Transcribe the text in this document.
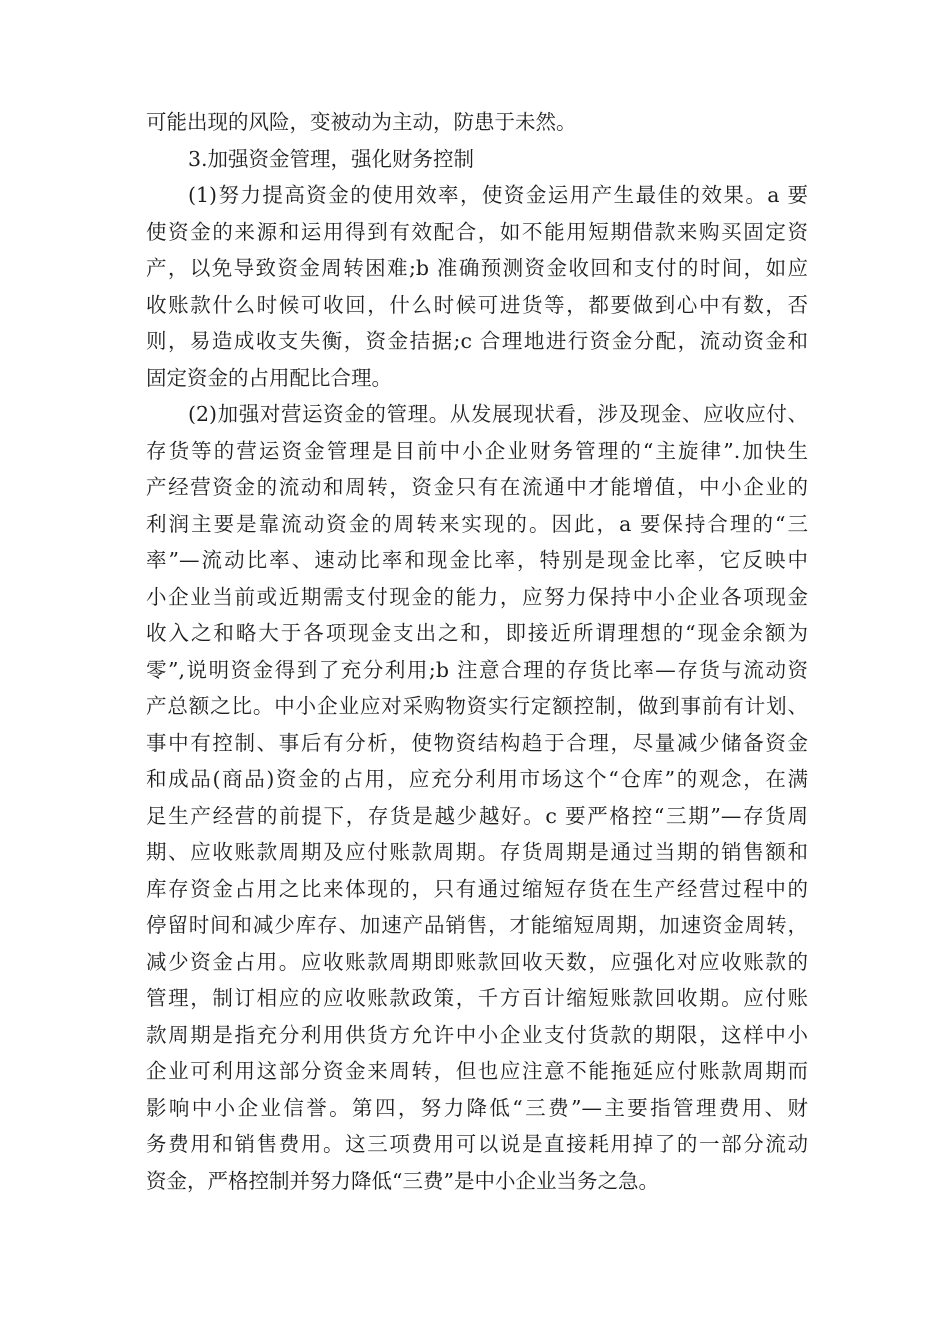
可能出现的风险，变被动为主动，防患于未然。
3.加强资金管理，强化财务控制
(1)努力提高资金的使用效率，使资金运用产生最佳的效果。a 要
使资金的来源和运用得到有效配合，如不能用短期借款来购买固定资
产，以免导致资金周转困难;b 准确预测资金收回和支付的时间，如应
收账款什么时候可收回，什么时候可进货等，都要做到心中有数，否
则，易造成收支失衡，资金拮据;c 合理地进行资金分配，流动资金和
固定资金的占用配比合理。
(2)加强对营运资金的管理。从发展现状看，涉及现金、应收应付、
存货等的营运资金管理是目前中小企业财务管理的“主旋律”.加快生
产经营资金的流动和周转，资金只有在流通中才能增值，中小企业的
利润主要是靠流动资金的周转来实现的。因此，a 要保持合理的“三
率”—流动比率、速动比率和现金比率，特别是现金比率，它反映中
小企业当前或近期需支付现金的能力，应努力保持中小企业各项现金
收入之和略大于各项现金支出之和，即接近所谓理想的“现金余额为
零”,说明资金得到了充分利用;b 注意合理的存货比率—存货与流动资
产总额之比。中小企业应对采购物资实行定额控制，做到事前有计划、
事中有控制、事后有分析，使物资结构趋于合理，尽量减少储备资金
和成品(商品)资金的占用，应充分利用市场这个“仓库”的观念，在满
足生产经营的前提下，存货是越少越好。c 要严格控“三期”—存货周
期、应收账款周期及应付账款周期。存货周期是通过当期的销售额和
库存资金占用之比来体现的，只有通过缩短存货在生产经营过程中的
停留时间和减少库存、加速产品销售，才能缩短周期，加速资金周转，
减少资金占用。应收账款周期即账款回收天数，应强化对应收账款的
管理，制订相应的应收账款政策，千方百计缩短账款回收期。应付账
款周期是指充分利用供货方允许中小企业支付货款的期限，这样中小
企业可利用这部分资金来周转，但也应注意不能拖延应付账款周期而
影响中小企业信誉。第四，努力降低“三费”—主要指管理费用、财
务费用和销售费用。这三项费用可以说是直接耗用掉了的一部分流动
资金，严格控制并努力降低“三费”是中小企业当务之急。
